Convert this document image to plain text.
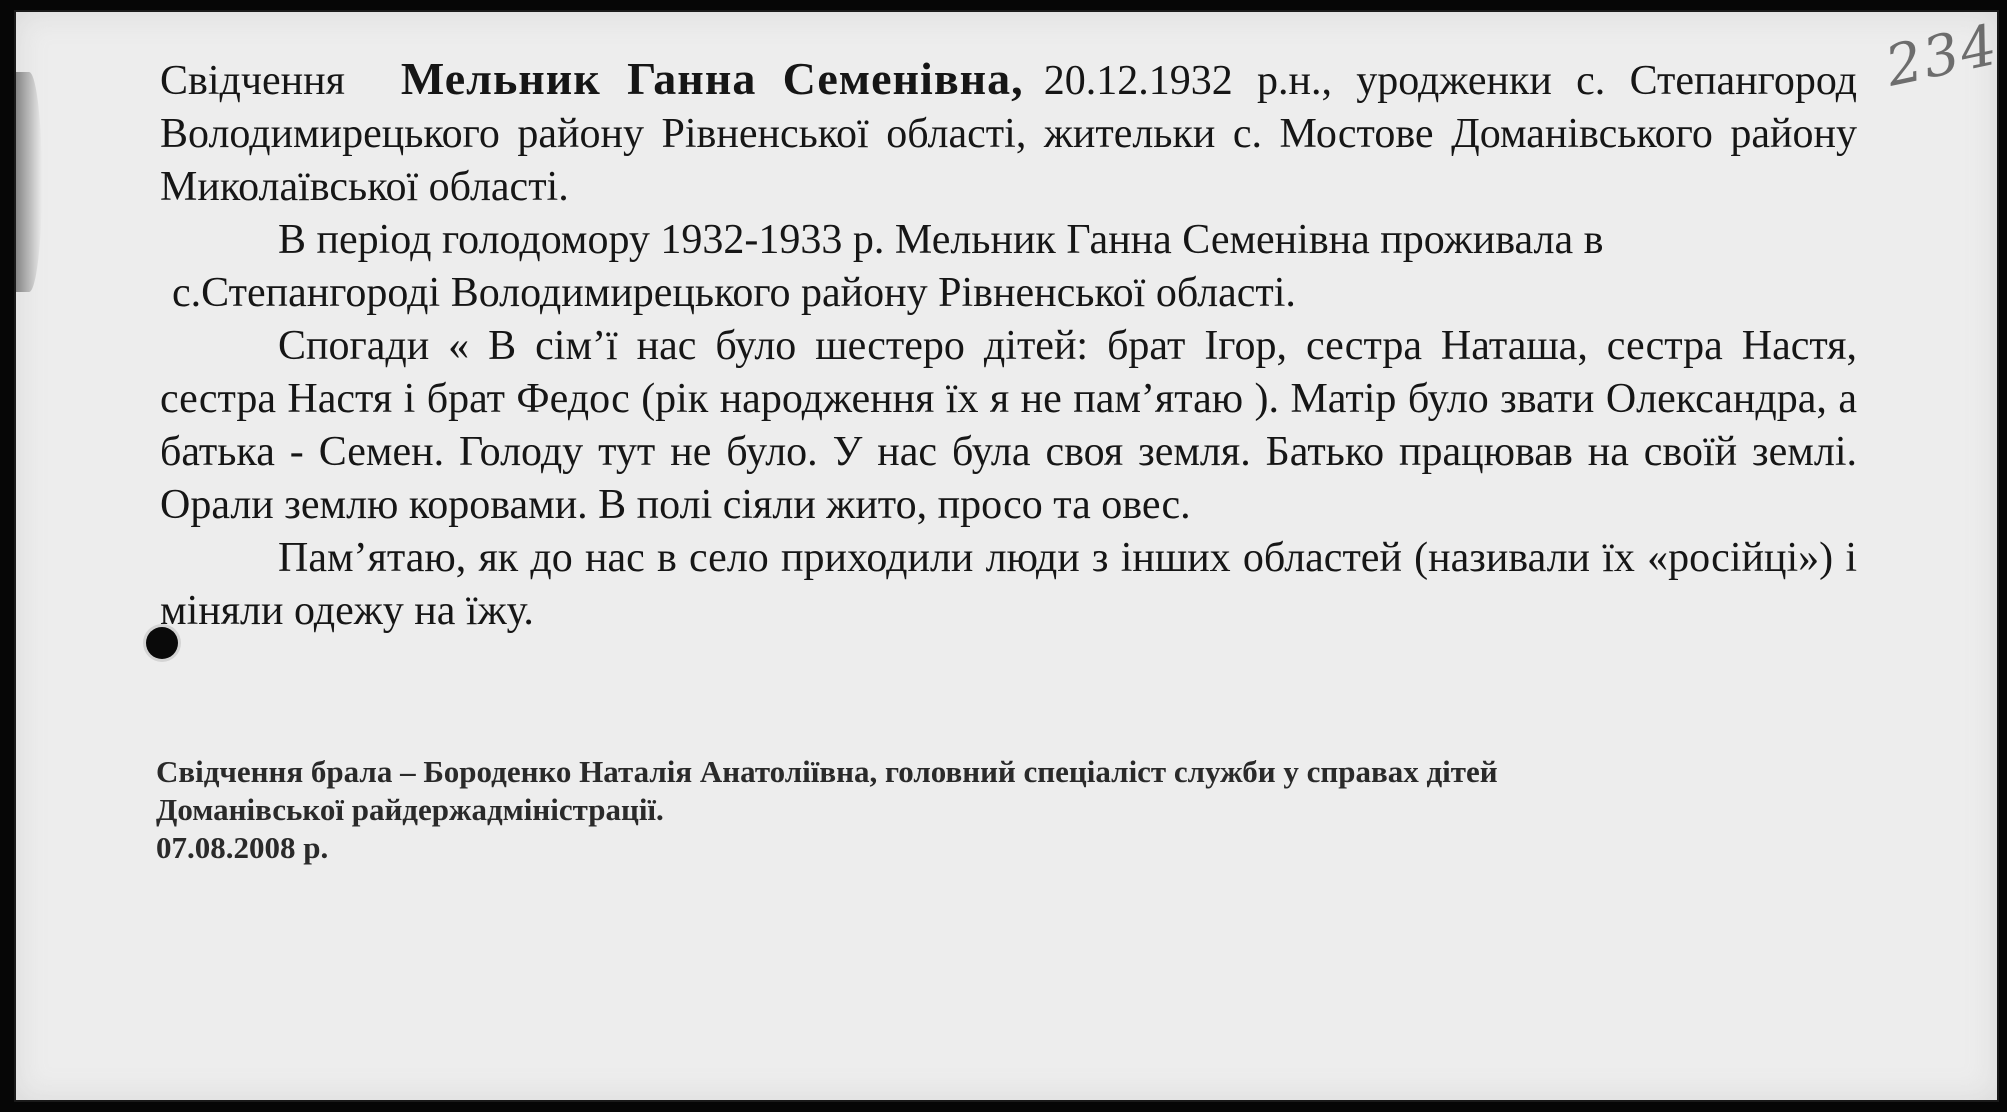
234

Свідчення Мельник Ганна Семенівна, 20.12.1932 р.н., уродженки с. Степангород Володимирецького району Рівненської області, жительки с. Мостове Доманівського району Миколаївської області.

В період голодомору 1932-1933 р. Мельник Ганна Семенівна проживала в

с.Степангороді Володимирецького району Рівненської області.

Спогади « В сім’ї нас було шестеро дітей: брат Ігор, сестра Наташа, сестра Настя, сестра Настя і брат Федос (рік народження їх я не пам’ятаю ). Матір було звати Олександра, а батька - Семен. Голоду тут не було. У нас була своя земля. Батько працював на своїй землі. Орали землю коровами. В полі сіяли жито, просо та овес.

Пам’ятаю, як до нас в село приходили люди з інших областей (називали їх «російці») і міняли одежу на їжу.

Свідчення брала – Бороденко Наталія Анатоліївна, головний спеціаліст служби у справах дітей

Доманівської райдержадміністрації.

07.08.2008 р.
